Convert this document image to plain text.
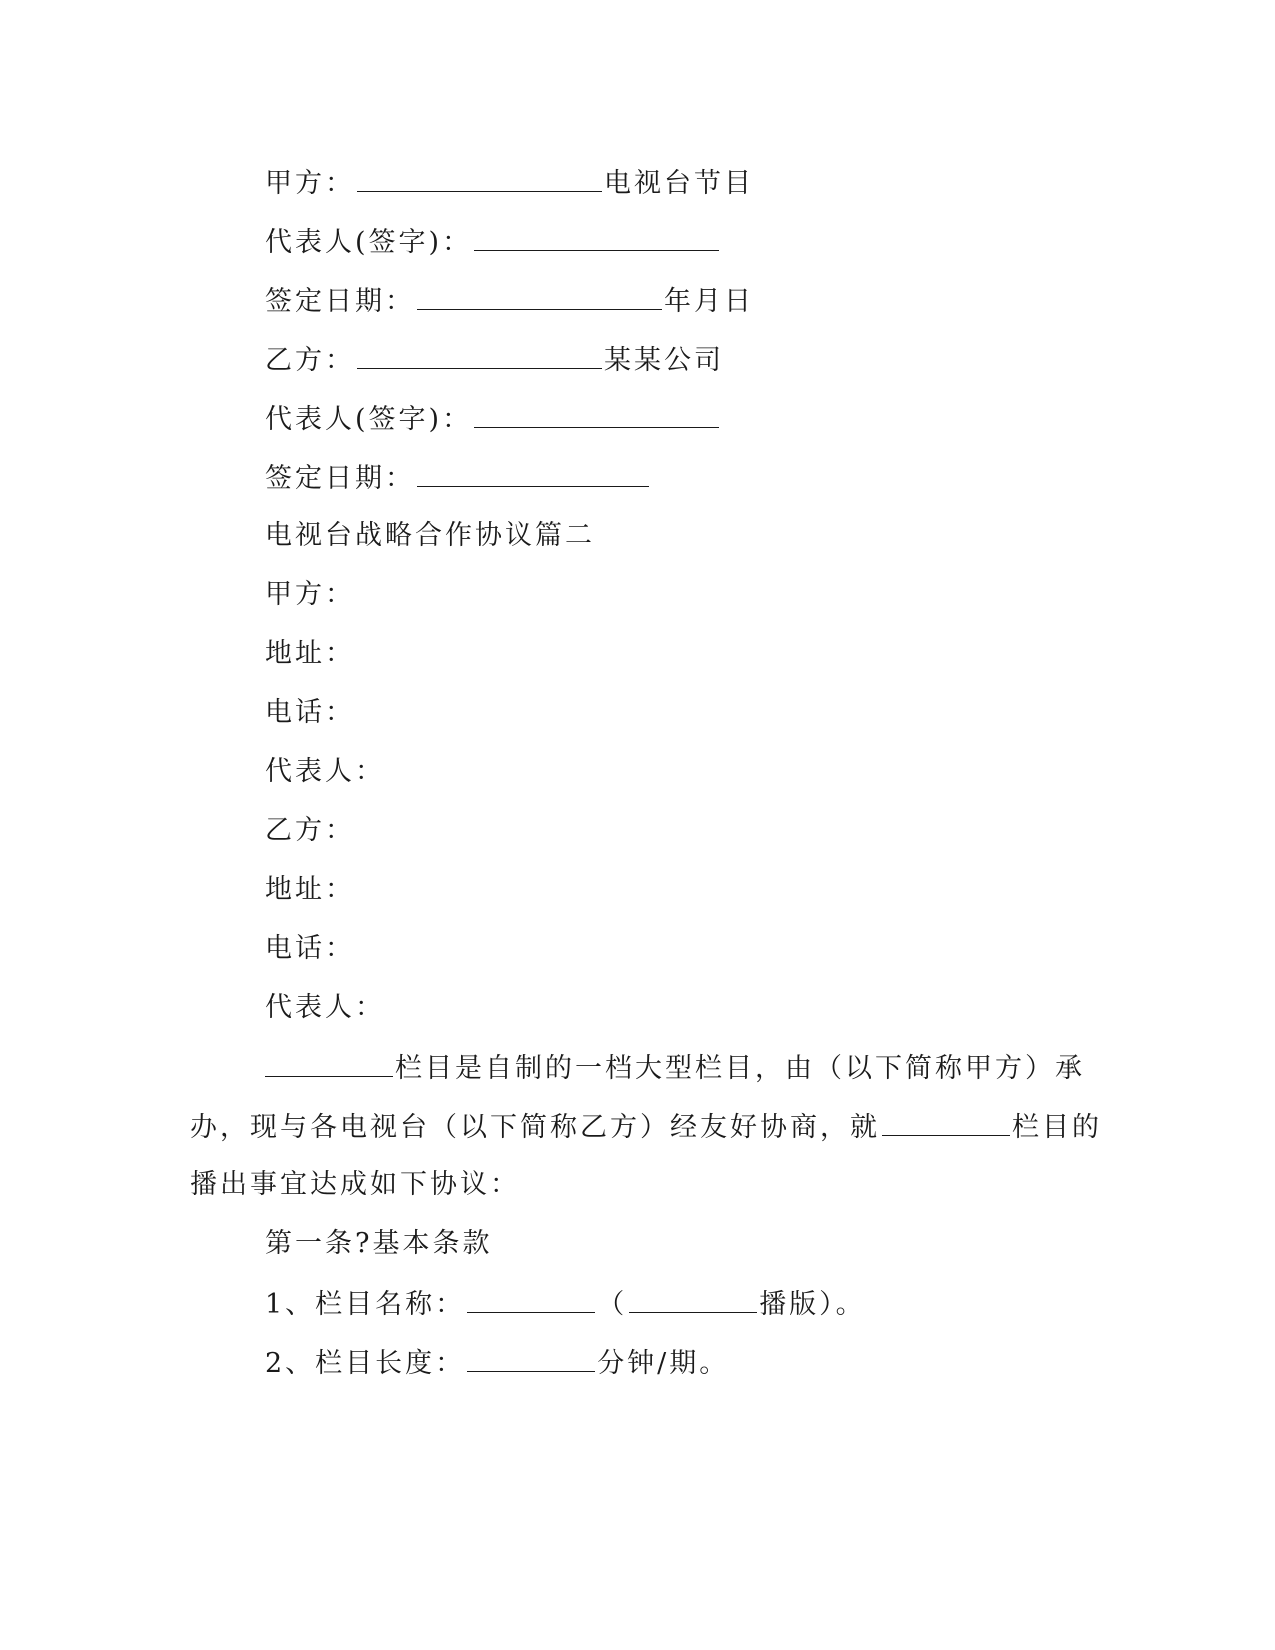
甲方：	电视台节目
代表人(签字)：
签定日期：	年月日
乙方：	某某公司
代表人(签字)：
签定日期：
电视台战略合作协议篇二
甲方：
地址：
电话：
代表人：
乙方：
地址：
电话：
代表人：
栏目是自制的一档大型栏目，由（以下简称甲方）承
办，现与各电视台（以下简称乙方）经友好协商，就	栏目的
播出事宜达成如下协议：
第一条?基本条款
1、栏目名称：	（	播版）。
2、栏目长度：	分钟/期。
